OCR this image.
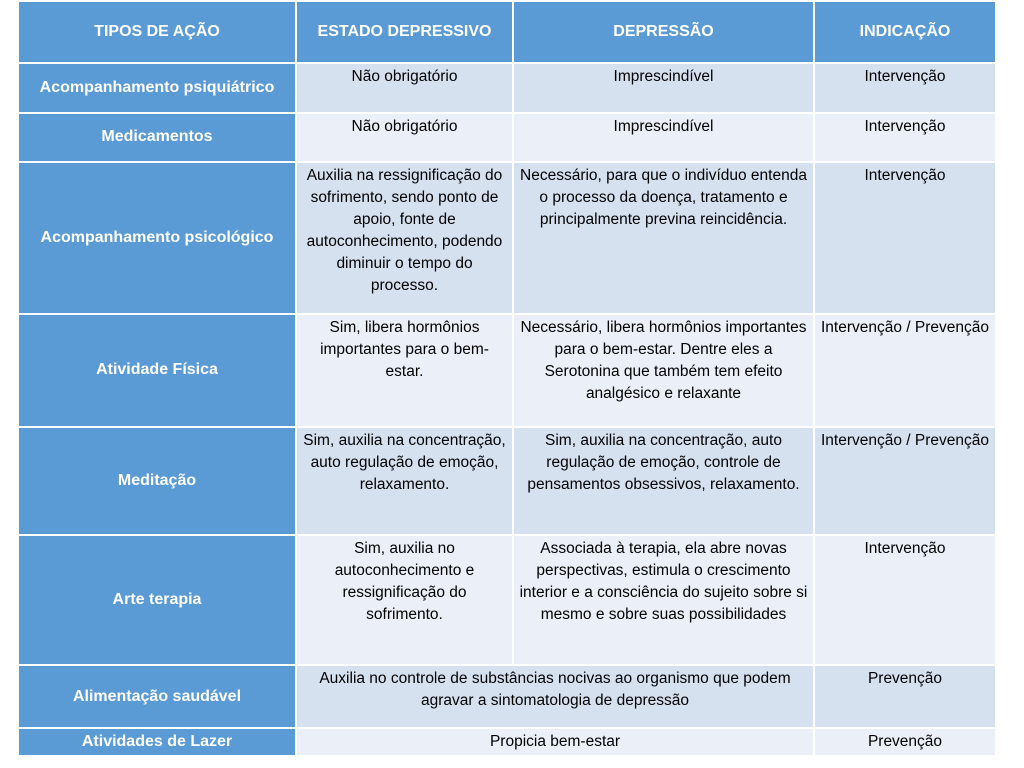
TIPOS DE AÇÃO	ESTADO DEPRESSIVO	DEPRESSÃO	INDICAÇÃO
Acompanhamento psiquiátrico	Não obrigatório	Imprescindível	Intervenção
Medicamentos	Não obrigatório	Imprescindível	Intervenção
Acompanhamento psicológico	Auxilia na ressignificação do sofrimento, sendo ponto de apoio, fonte de autoconhecimento, podendo diminuir o tempo do processo.	Necessário, para que o indivíduo entenda o processo da doença, tratamento e principalmente previna reincidência.	Intervenção
Atividade Física	Sim, libera hormônios importantes para o bem-estar.	Necessário, libera hormônios importantes para o bem-estar. Dentre eles a Serotonina que também tem efeito analgésico e relaxante	Intervenção / Prevenção
Meditação	Sim, auxilia na concentração, auto regulação de emoção, relaxamento.	Sim, auxilia na concentração, auto regulação de emoção, controle de pensamentos obsessivos, relaxamento.	Intervenção / Prevenção
Arte terapia	Sim, auxilia no autoconhecimento e ressignificação do sofrimento.	Associada à terapia, ela abre novas perspectivas, estimula o crescimento interior e a consciência do sujeito sobre si mesmo e sobre suas possibilidades	Intervenção
Alimentação saudável	Auxilia no controle de substâncias nocivas ao organismo que podem agravar a sintomatologia de depressão		Prevenção
Atividades de Lazer	Propicia bem-estar		Prevenção
